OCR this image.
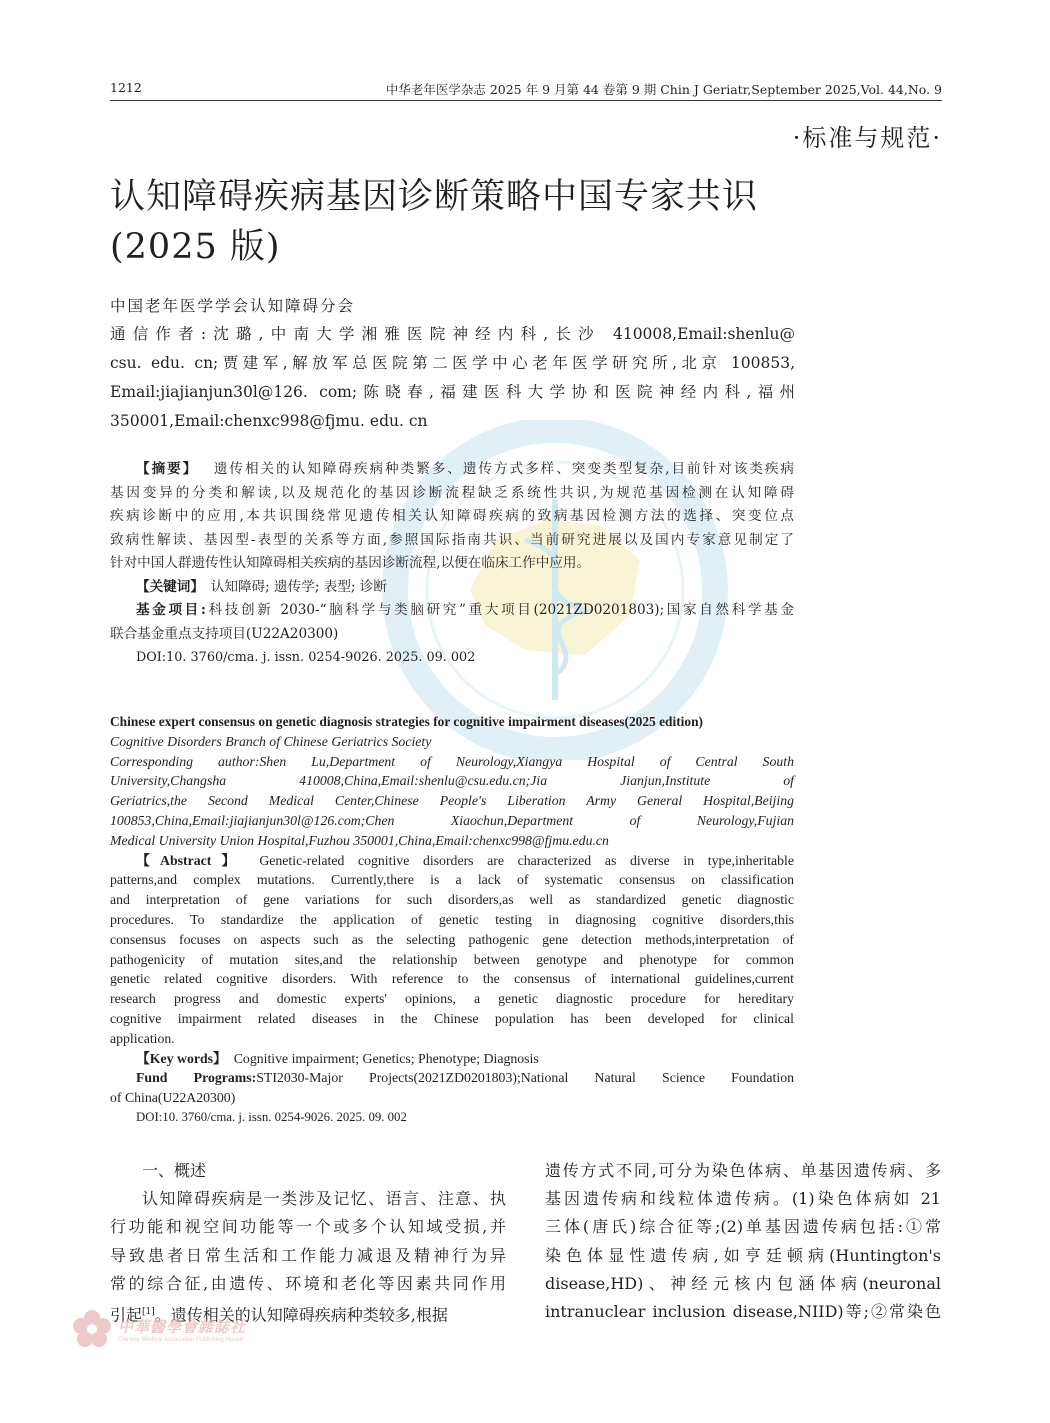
1212	中华老年医学杂志 2025 年 9 月第 44 卷第 9 期 Chin J Geriatr,September 2025,Vol. 44,No. 9
·标准与规范·
认知障碍疾病基因诊断策略中国专家共识
(2025 版)
中国老年医学学会认知障碍分会
通信作者:沈璐,中南大学湘雅医院神经内科,长沙 410008,Email:shenlu@
csu. edu. cn;贾建军,解放军总医院第二医学中心老年医学研究所,北京 100853,
Email:jiajianjun30l@126. com;陈晓春,福建医科大学协和医院神经内科,福州
350001,Email:chenxc998@fjmu. edu. cn
【摘要】  遗传相关的认知障碍疾病种类繁多、遗传方式多样、突变类型复杂,目前针对该类疾病
基因变异的分类和解读,以及规范化的基因诊断流程缺乏系统性共识,为规范基因检测在认知障碍
疾病诊断中的应用,本共识围绕常见遗传相关认知障碍疾病的致病基因检测方法的选择、突变位点
致病性解读、基因型-表型的关系等方面,参照国际指南共识、当前研究进展以及国内专家意见制定了
针对中国人群遗传性认知障碍相关疾病的基因诊断流程,以便在临床工作中应用。
【关键词】  认知障碍; 遗传学; 表型; 诊断
基金项目:科技创新 2030-“脑科学与类脑研究”重大项目(2021ZD0201803);国家自然科学基金
联合基金重点支持项目(U22A20300)
DOI:10. 3760/cma. j. issn. 0254-9026. 2025. 09. 002
Chinese expert consensus on genetic diagnosis strategies for cognitive impairment diseases(2025 edition)
Cognitive Disorders Branch of Chinese Geriatrics Society
Corresponding author:Shen Lu,Department of Neurology,Xiangya Hospital of Central South
University,Changsha 410008,China,Email:shenlu@csu.edu.cn;Jia Jianjun,Institute of
Geriatrics,the Second Medical Center,Chinese People's Liberation Army General Hospital,Beijing
100853,China,Email:jiajianjun30l@126.com;Chen Xiaochun,Department of Neurology,Fujian
Medical University Union Hospital,Fuzhou 350001,China,Email:chenxc998@fjmu.edu.cn
【Abstract】  Genetic-related cognitive disorders are characterized as diverse in type,inheritable
patterns,and complex mutations. Currently,there is a lack of systematic consensus on classification
and interpretation of gene variations for such disorders,as well as standardized genetic diagnostic
procedures. To standardize the application of genetic testing in diagnosing cognitive disorders,this
consensus focuses on aspects such as the selecting pathogenic gene detection methods,interpretation of
pathogenicity of mutation sites,and the relationship between genotype and phenotype for common
genetic related cognitive disorders. With reference to the consensus of international guidelines,current
research progress and domestic experts' opinions, a genetic diagnostic procedure for hereditary
cognitive impairment related diseases in the Chinese population has been developed for clinical
application.
【Key words】  Cognitive impairment; Genetics; Phenotype; Diagnosis
Fund Programs:STI2030-Major Projects(2021ZD0201803);National Natural Science Foundation
of China(U22A20300)
DOI:10. 3760/cma. j. issn. 0254-9026. 2025. 09. 002
一、概述
认知障碍疾病是一类涉及记忆、语言、注意、执
行功能和视空间功能等一个或多个认知域受损,并
导致患者日常生活和工作能力减退及精神行为异
常的综合征,由遗传、环境和老化等因素共同作用
引起[1]。遗传相关的认知障碍疾病种类较多,根据
遗传方式不同,可分为染色体病、单基因遗传病、多
基因遗传病和线粒体遗传病。(1)染色体病如 21
三体(唐氏)综合征等;(2)单基因遗传病包括:①常
染色体显性遗传病,如亨廷顿病(Huntington's
disease,HD)、神经元核内包涵体病(neuronal
intranuclear inclusion disease,NIID)等;②常染色
中華醫學會雜誌社
Chinese Medical Association Publishing House
